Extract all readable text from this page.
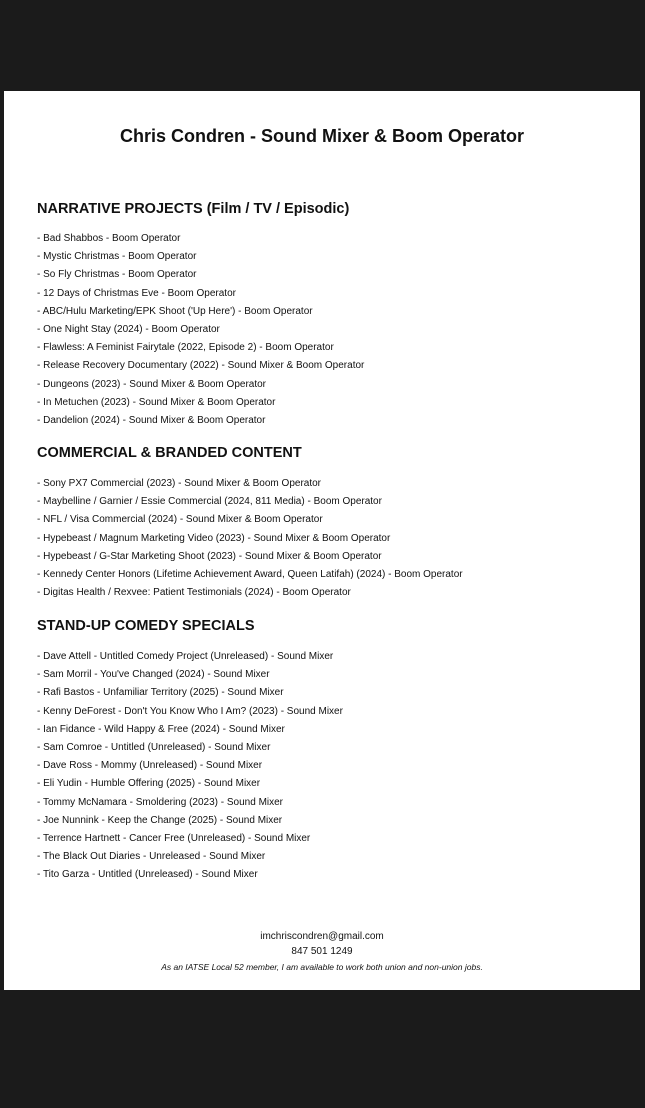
Chris Condren - Sound Mixer & Boom Operator
NARRATIVE PROJECTS (Film / TV / Episodic)
- Bad Shabbos - Boom Operator
- Mystic Christmas - Boom Operator
- So Fly Christmas - Boom Operator
- 12 Days of Christmas Eve - Boom Operator
- ABC/Hulu Marketing/EPK Shoot ('Up Here') - Boom Operator
- One Night Stay (2024) - Boom Operator
- Flawless: A Feminist Fairytale (2022, Episode 2) - Boom Operator
- Release Recovery Documentary (2022) - Sound Mixer & Boom Operator
- Dungeons (2023) - Sound Mixer & Boom Operator
- In Metuchen (2023) - Sound Mixer & Boom Operator
- Dandelion (2024) - Sound Mixer & Boom Operator
COMMERCIAL & BRANDED CONTENT
- Sony PX7 Commercial (2023) - Sound Mixer & Boom Operator
- Maybelline / Garnier / Essie Commercial (2024, 811 Media) - Boom Operator
- NFL / Visa Commercial (2024) - Sound Mixer & Boom Operator
- Hypebeast / Magnum Marketing Video (2023) - Sound Mixer & Boom Operator
- Hypebeast / G-Star Marketing Shoot (2023) - Sound Mixer & Boom Operator
- Kennedy Center Honors (Lifetime Achievement Award, Queen Latifah) (2024) - Boom Operator
- Digitas Health / Rexvee: Patient Testimonials (2024) - Boom Operator
STAND-UP COMEDY SPECIALS
- Dave Attell - Untitled Comedy Project (Unreleased) - Sound Mixer
- Sam Morril - You've Changed (2024) - Sound Mixer
- Rafi Bastos - Unfamiliar Territory (2025) - Sound Mixer
- Kenny DeForest - Don't You Know Who I Am? (2023) - Sound Mixer
- Ian Fidance - Wild Happy & Free (2024) - Sound Mixer
- Sam Comroe - Untitled (Unreleased) - Sound Mixer
- Dave Ross - Mommy (Unreleased) - Sound Mixer
- Eli Yudin - Humble Offering (2025) - Sound Mixer
- Tommy McNamara - Smoldering (2023) - Sound Mixer
- Joe Nunnink - Keep the Change (2025) - Sound Mixer
- Terrence Hartnett - Cancer Free (Unreleased) - Sound Mixer
- The Black Out Diaries - Unreleased - Sound Mixer
- Tito Garza - Untitled (Unreleased) - Sound Mixer

imchriscondren@gmail.com

847 501 1249

As an IATSE Local 52 member, I am available to work both union and non-union jobs.
